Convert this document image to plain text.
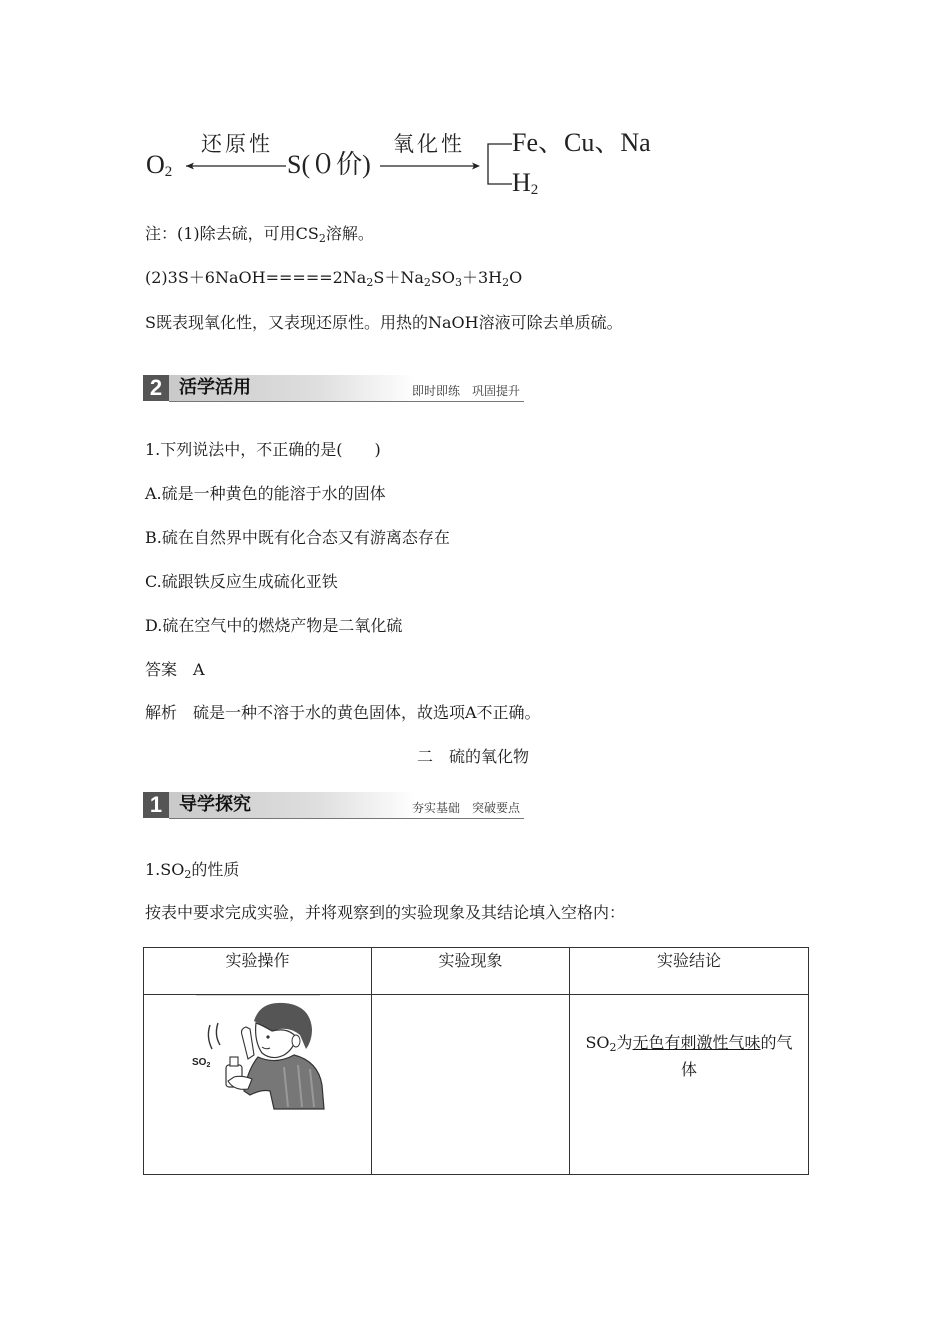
O2
还原性
S(０价)
氧化性 Fe、Cu、Na
H2
注：(1)除去硫，可用$CS_2$溶解。
$(2)3S+6NaOH=====2Na_2S+Na_2SO_3+3H_2O$
S既表现氧化性，又表现还原性。用热的NaOH溶液可除去单质硫。
2 活学活用	即时即练　巩固提升
1.下列说法中，不正确的是(　　)
A.硫是一种黄色的能溶于水的固体
B.硫在自然界中既有化合态又有游离态存在
C.硫跟铁反应生成硫化亚铁
D.硫在空气中的燃烧产物是二氧化硫
答案　A
解析　硫是一种不溶于水的黄色固体，故选项A不正确。
二　硫的氧化物
1 导学探究	夯实基础　突破要点
$1.SO_2$的性质
按表中要求完成实验，并将观察到的实验现象及其结论填入空格内：
实验操作	实验现象	实验结论

$SO_2$		$SO_2$为无色有刺激性气味的气体
